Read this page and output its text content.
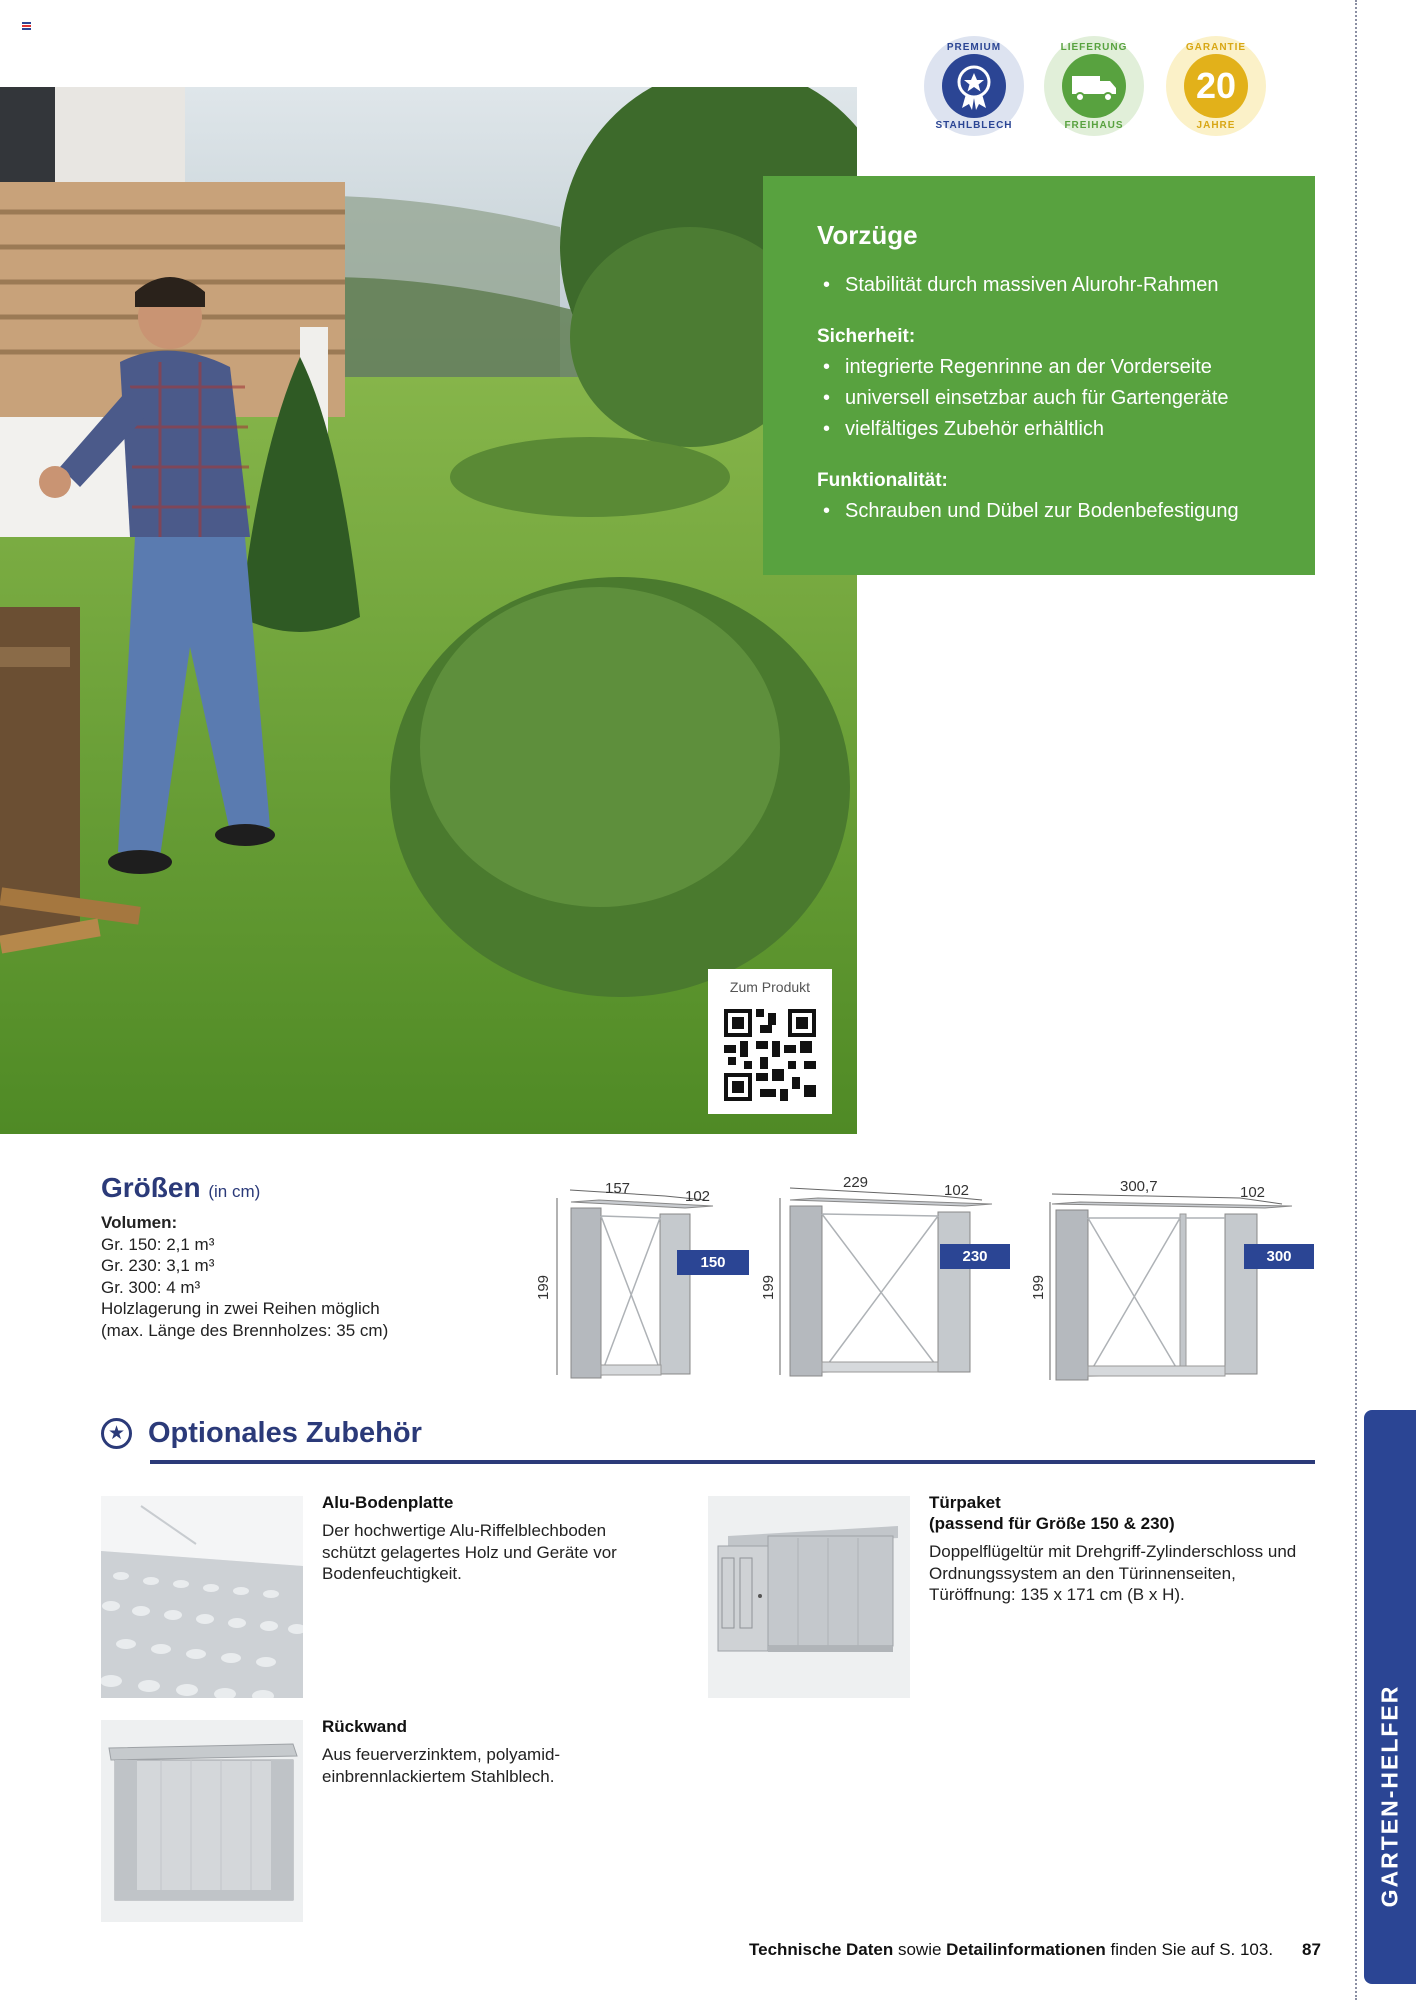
PREMIUM
STAHLBLECH
LIEFERUNG
FREIHAUS
GARANTIE
20
JAHRE
Vorzüge
• Stabilität durch massiven Alurohr-Rahmen
Sicherheit:
• integrierte Regenrinne an der Vorderseite
• universell einsetzbar auch für Gartengeräte
• vielfältiges Zubehör erhältlich
Funktionalität:
• Schrauben und Dübel zur Bodenbefestigung
Zum Produkt
Größen (in cm)
Volumen:
Gr. 150: 2,1 m³
Gr. 230: 3,1 m³
Gr. 300: 4 m³
Holzlagerung in zwei Reihen möglich
(max. Länge des Brennholzes: 35 cm)
157	102
199
150
229	102
199
230
300,7	102
199
300
★ Optionales Zubehör
Alu-Bodenplatte
Der hochwertige Alu-Riffelblechboden schützt gelagertes Holz und Geräte vor Bodenfeuchtigkeit.
Türpaket
(passend für Größe 150 & 230)
Doppelflügeltür mit Drehgriff-Zylinderschloss und Ordnungssystem an den Türinnenseiten, Türöffnung: 135 x 171 cm (B x H).
Rückwand
Aus feuerverzinktem, polyamid-einbrennlackiertem Stahlblech.	GARTEN-HELFER
Technische Daten sowie Detailinformationen finden Sie auf S. 103. 87
